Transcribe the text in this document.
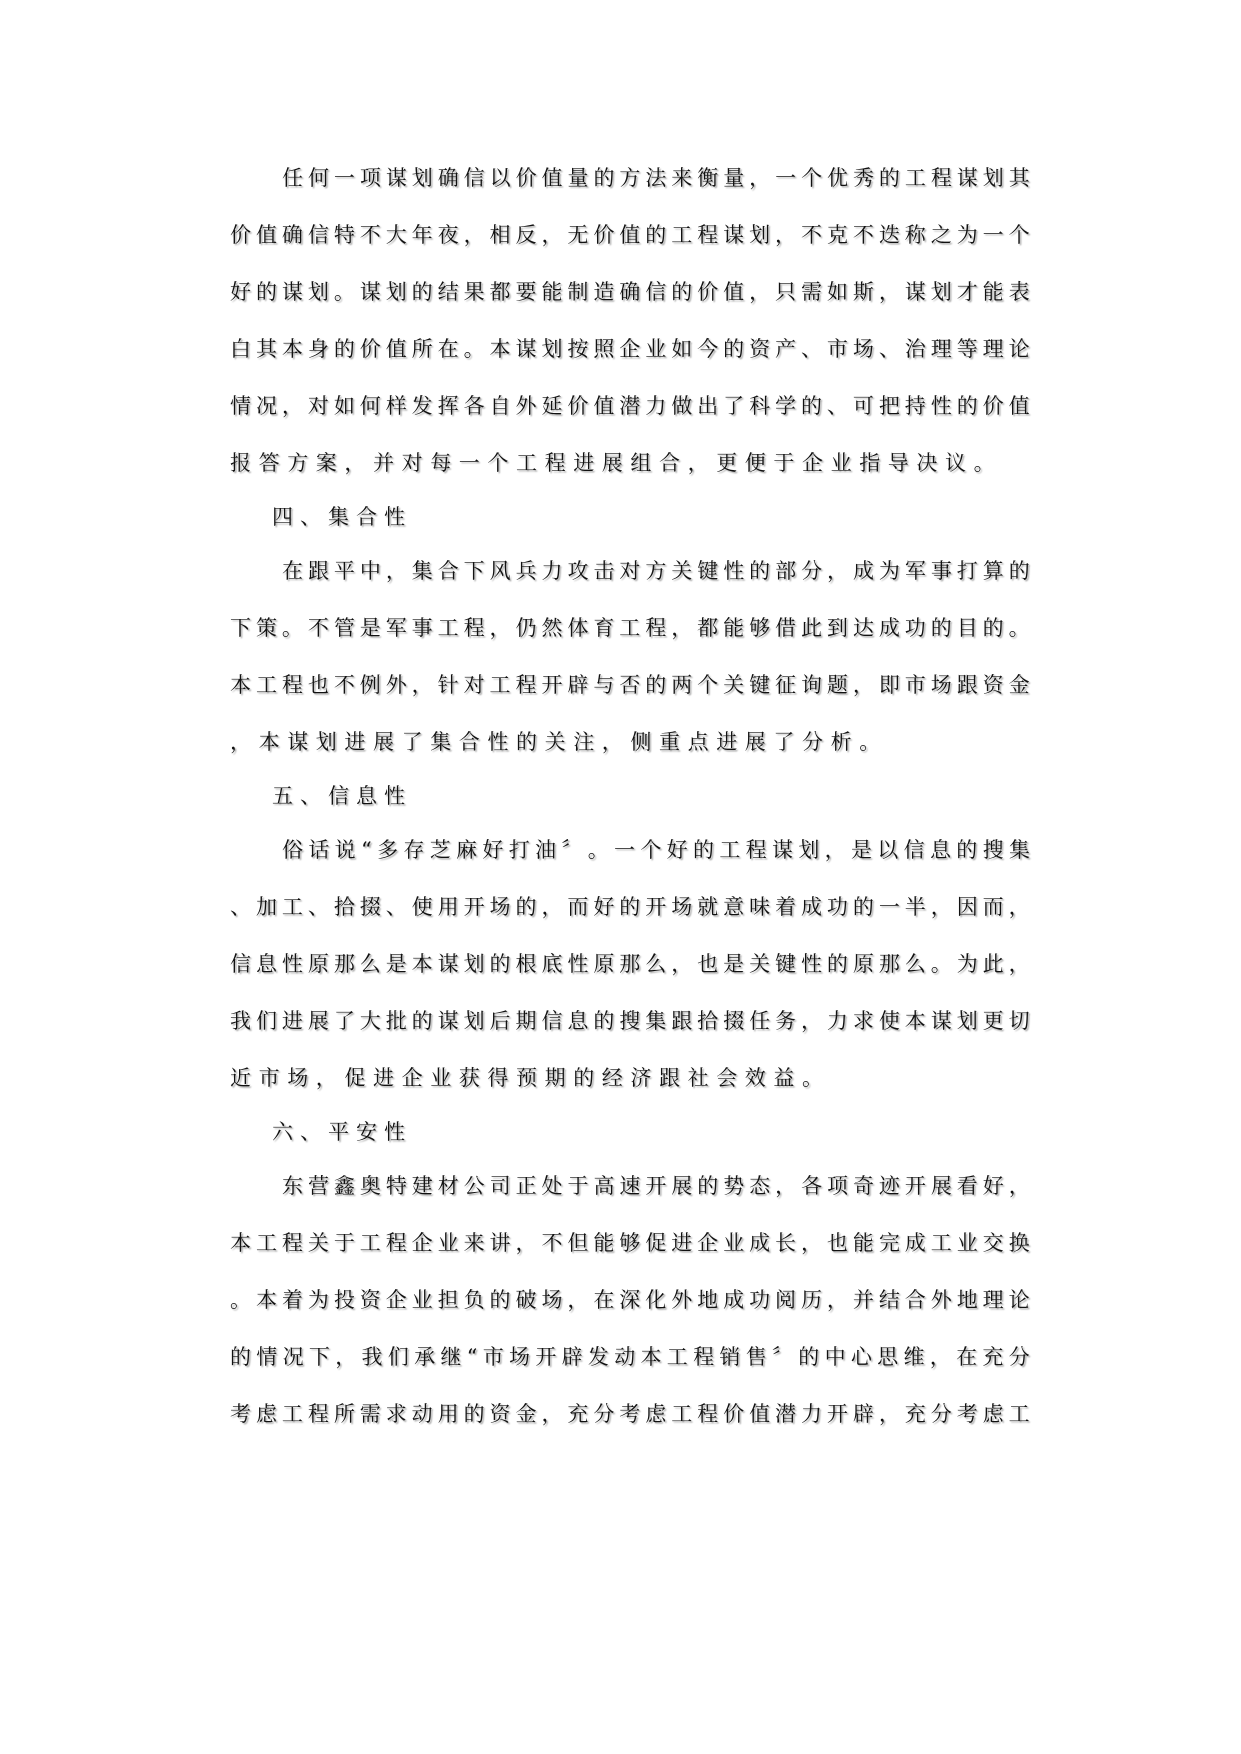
任 何 一 项 谋 划 确 信 以 价 值 量 的 方 法 来 衡 量 ， 一 个 优 秀 的 工 程 谋 划 其
价 值 确 信 特 不 大 年 夜 ， 相 反 ， 无 价 值 的 工 程 谋 划 ， 不 克 不 迭 称 之 为 一 个
好 的 谋 划 。 谋 划 的 结 果 都 要 能 制 造 确 信 的 价 值 ， 只 需 如 斯 ， 谋 划 才 能 表
白 其 本 身 的 价 值 所 在 。 本 谋 划 按 照 企 业 如 今 的 资 产 、 市 场 、 治 理 等 理 论
情 况 ， 对 如 何 样 发 挥 各 自 外 延 价 值 潜 力 做 出 了 科 学 的 、 可 把 持 性 的 价 值
报答方案，并对每一个工程进展组合，更便于企业指导决议。
四、集合性
在 跟 平 中 ， 集 合 下 风 兵 力 攻 击 对 方 关 键 性 的 部 分 ， 成 为 军 事 打 算 的
下 策 。 不 管 是 军 事 工 程 ， 仍 然 体 育 工 程 ， 都 能 够 借 此 到 达 成 功 的 目 的 。
本 工 程 也 不 例 外 ， 针 对 工 程 开 辟 与 否 的 两 个 关 键 征 询 题 ， 即 市 场 跟 资 金
，本谋划进展了集合性的关注，侧重点进展了分析。
五、信息性
俗 话 说 “ 多 存 芝 麻 好 打 油 〞 。 一 个 好 的 工 程 谋 划 ， 是 以 信 息 的 搜 集
、 加 工 、 拾 掇 、 使 用 开 场 的 ， 而 好 的 开 场 就 意 味 着 成 功 的 一 半 ， 因 而 ，
信 息 性 原 那 么 是 本 谋 划 的 根 底 性 原 那 么 ， 也 是 关 键 性 的 原 那 么 。 为 此 ，
我 们 进 展 了 大 批 的 谋 划 后 期 信 息 的 搜 集 跟 拾 掇 任 务 ， 力 求 使 本 谋 划 更 切
近市场，促进企业获得预期的经济跟社会效益。
六、平安性
东 营 鑫 奥 特 建 材 公 司 正 处 于 高 速 开 展 的 势 态 ， 各 项 奇 迹 开 展 看 好 ，
本 工 程 关 于 工 程 企 业 来 讲 ， 不 但 能 够 促 进 企 业 成 长 ， 也 能 完 成 工 业 交 换
。 本 着 为 投 资 企 业 担 负 的 破 场 ， 在 深 化 外 地 成 功 阅 历 ， 并 结 合 外 地 理 论
的 情 况 下 ， 我 们 承 继 “ 市 场 开 辟 发 动 本 工 程 销 售 〞 的 中 心 思 维 ， 在 充 分
考 虑 工 程 所 需 求 动 用 的 资 金 ， 充 分 考 虑 工 程 价 值 潜 力 开 辟 ， 充 分 考 虑 工
